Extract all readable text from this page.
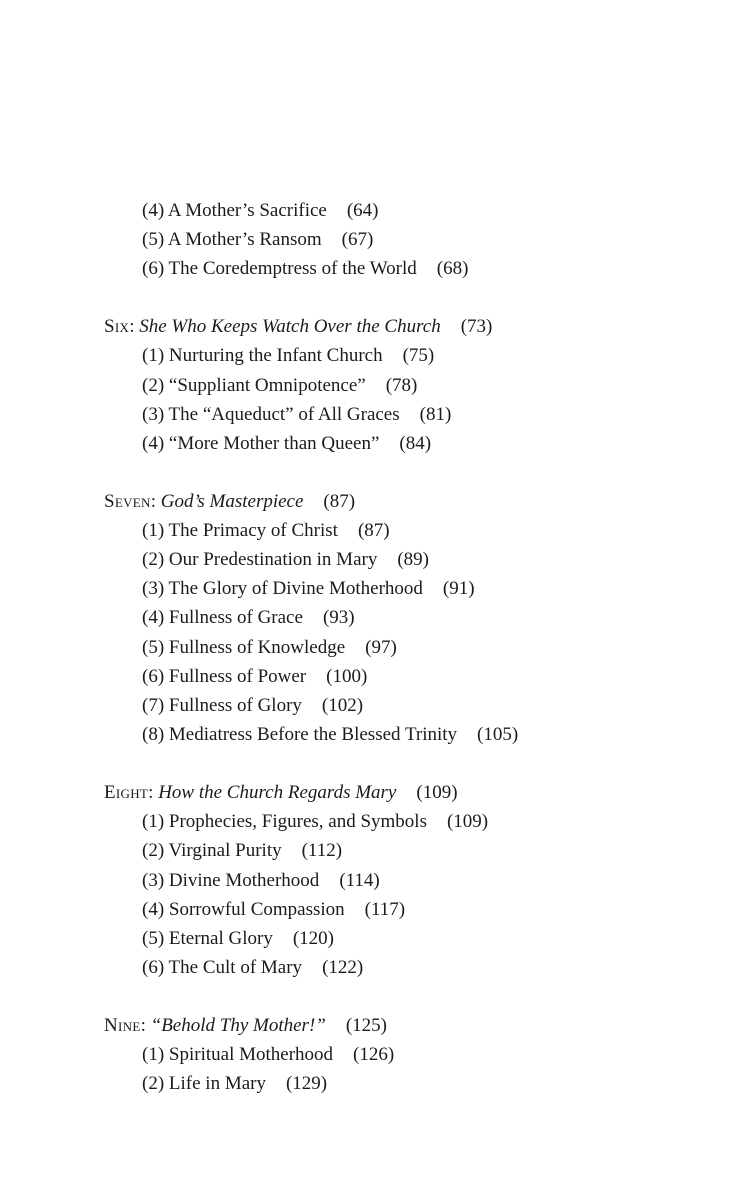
(4) A Mother’s Sacrifice (64)
(5) A Mother’s Ransom (67)
(6) The Coredemptress of the World (68)
Six: She Who Keeps Watch Over the Church (73)
(1) Nurturing the Infant Church (75)
(2) “Suppliant Omnipotence” (78)
(3) The “Aqueduct” of All Graces (81)
(4) “More Mother than Queen” (84)
Seven: God’s Masterpiece (87)
(1) The Primacy of Christ (87)
(2) Our Predestination in Mary (89)
(3) The Glory of Divine Motherhood (91)
(4) Fullness of Grace (93)
(5) Fullness of Knowledge (97)
(6) Fullness of Power (100)
(7) Fullness of Glory (102)
(8) Mediatress Before the Blessed Trinity (105)
Eight: How the Church Regards Mary (109)
(1) Prophecies, Figures, and Symbols (109)
(2) Virginal Purity (112)
(3) Divine Motherhood (114)
(4) Sorrowful Compassion (117)
(5) Eternal Glory (120)
(6) The Cult of Mary (122)
Nine: “Behold Thy Mother!” (125)
(1) Spiritual Motherhood (126)
(2) Life in Mary (129)
